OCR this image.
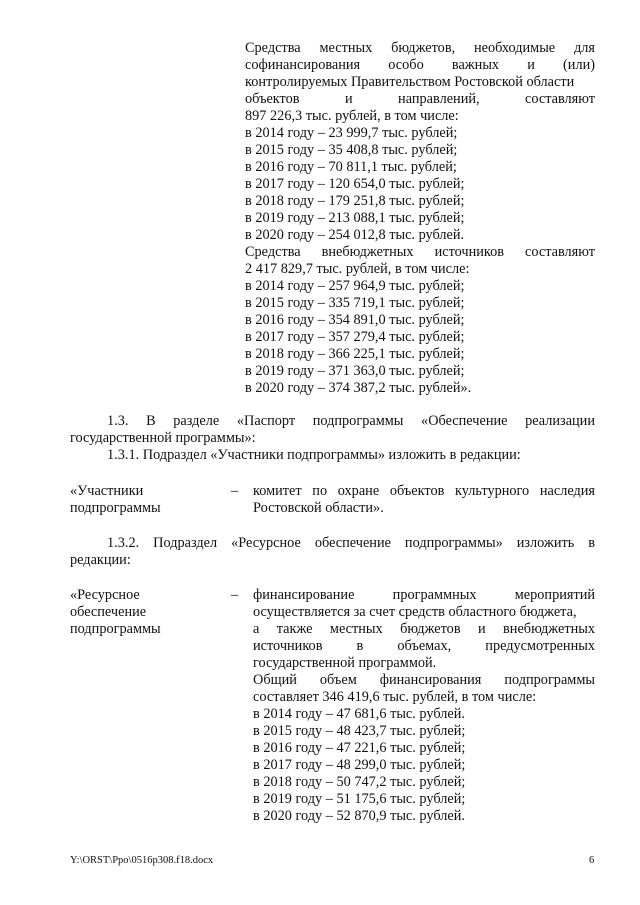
Средства местных бюджетов, необходимые для
софинансирования особо важных и (или)
контролируемых Правительством Ростовской области
объектов и направлений, составляют
897 226,3 тыс. рублей, в том числе:
в 2014 году – 23 999,7 тыс. рублей;
в 2015 году – 35 408,8 тыс. рублей;
в 2016 году – 70 811,1 тыс. рублей;
в 2017 году – 120 654,0 тыс. рублей;
в 2018 году – 179 251,8 тыс. рублей;
в 2019 году – 213 088,1 тыс. рублей;
в 2020 году – 254 012,8 тыс. рублей.
Средства внебюджетных источников составляют
2 417 829,7 тыс. рублей, в том числе:
в 2014 году – 257 964,9 тыс. рублей;
в 2015 году – 335 719,1 тыс. рублей;
в 2016 году – 354 891,0 тыс. рублей;
в 2017 году – 357 279,4 тыс. рублей;
в 2018 году – 366 225,1 тыс. рублей;
в 2019 году – 371 363,0 тыс. рублей;
в 2020 году – 374 387,2 тыс. рублей».
1.3. В разделе «Паспорт подпрограммы «Обеспечение реализации
государственной программы»:
1.3.1. Подраздел «Участники подпрограммы» изложить в редакции:
«Участники
подпрограммы
– комитет по охране объектов культурного наследия
Ростовской области».
1.3.2. Подраздел «Ресурсное обеспечение подпрограммы» изложить в
редакции:
«Ресурсное
обеспечение
подпрограммы
– финансирование программных мероприятий
осуществляется за счет средств областного бюджета,
а также местных бюджетов и внебюджетных
источников в объемах, предусмотренных
государственной программой.
Общий объем финансирования подпрограммы
составляет 346 419,6 тыс. рублей, в том числе:
в 2014 году – 47 681,6 тыс. рублей.
в 2015 году – 48 423,7 тыс. рублей;
в 2016 году – 47 221,6 тыс. рублей;
в 2017 году – 48 299,0 тыс. рублей;
в 2018 году – 50 747,2 тыс. рублей;
в 2019 году – 51 175,6 тыс. рублей;
в 2020 году – 52 870,9 тыс. рублей.
Y:\ORST\Ppo\0516p308.f18.docx	6
